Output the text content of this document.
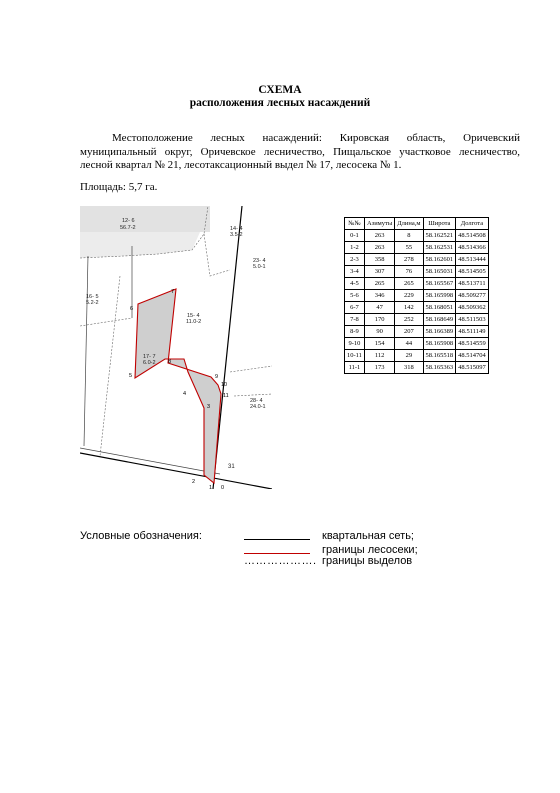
СХЕМА
расположения лесных насаждений
Местоположение лесных насаждений: Кировская область, Оричевский муниципальный округ, Оричевское лесничество, Пищальское участковое лесничество, лесной квартал № 21, лесотаксационный выдел № 17, лесосека № 1.
Площадь: 5,7 га.
12- 6
56.7-2	14- 4
3.5-2
23- 4
5.0-1
16- 5
5.2-2
15- 4
11.0-2
17- 7
6.0-2
28- 4
24.0-1
31
0
1
2
3
4
5
6
7
8
9
10
11
№№	Азимуты	Длина,м	Широта	Долгота
0-1	263	8	58.162521	48.514508
1-2	263	55	58.162531	48.514366
2-3	358	278	58.162601	48.513444
3-4	307	76	58.165031	48.514505
4-5	265	265	58.165567	48.513711
5-6	346	229	58.165998	48.509277
6-7	47	142	58.168051	48.509362
7-8	170	252	58.168649	48.511503
8-9	90	207	58.166389	48.511149
9-10	154	44	58.165908	48.514559
10-11	112	29	58.165518	48.514704
11-1	173	318	58.165363	48.515097
Условные обозначения:	квартальная сеть;
границы лесосеки;
………………. границы выделов
